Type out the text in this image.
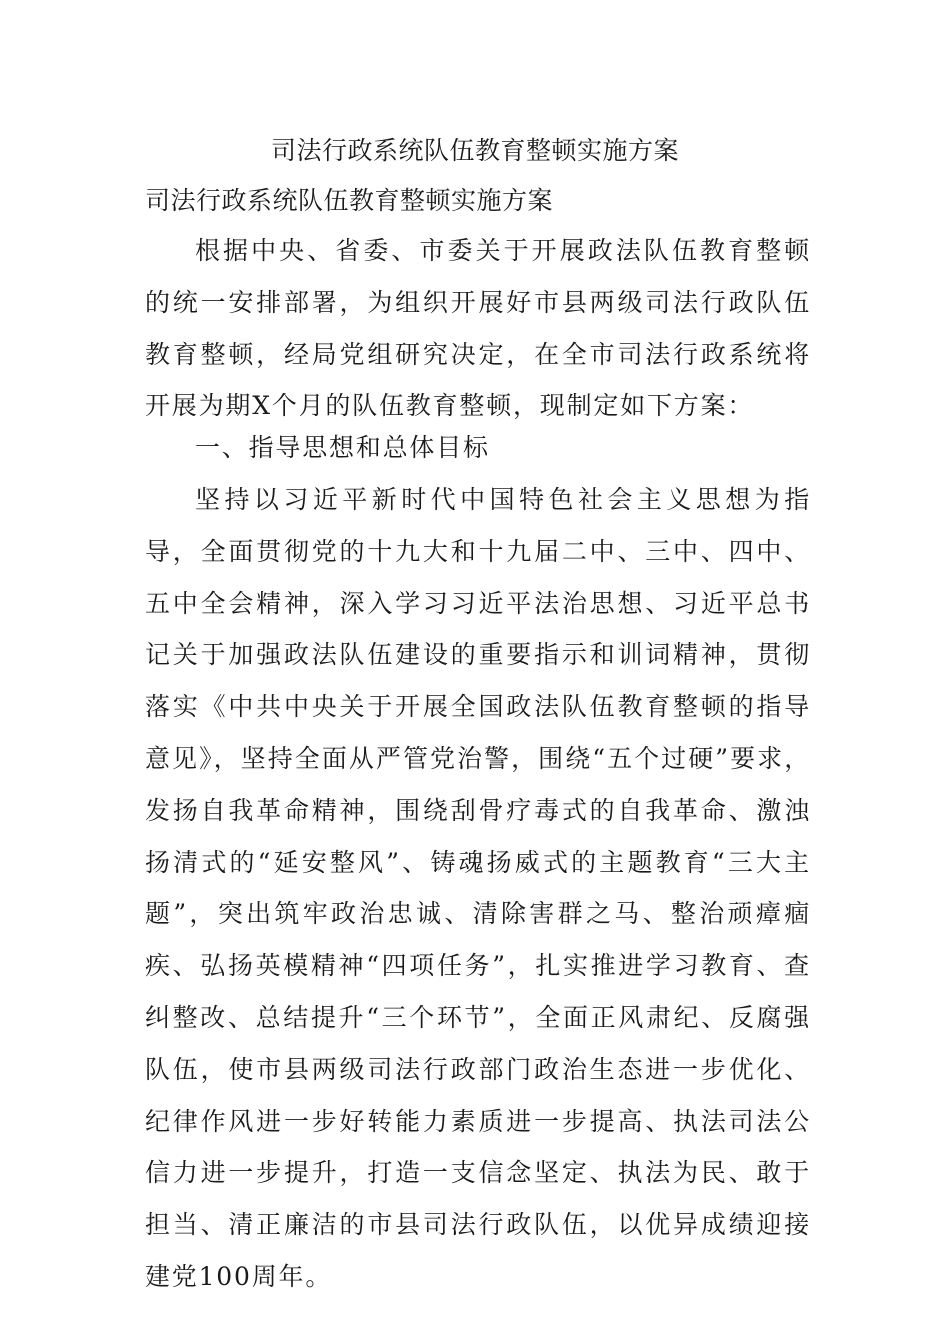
司法行政系统队伍教育整顿实施方案
司法行政系统队伍教育整顿实施方案

根据中央、省委、市委关于开展政法队伍教育整顿的统一安排部署，为组织开展好市县两级司法行政队伍教育整顿，经局党组研究决定，在全市司法行政系统将开展为期X个月的队伍教育整顿，现制定如下方案：

一、指导思想和总体目标

坚持以习近平新时代中国特色社会主义思想为指导，全面贯彻党的十九大和十九届二中、三中、四中、五中全会精神，深入学习习近平法治思想、习近平总书记关于加强政法队伍建设的重要指示和训词精神，贯彻落实《中共中央关于开展全国政法队伍教育整顿的指导意见》，坚持全面从严管党治警，围绕“五个过硬”要求，发扬自我革命精神，围绕刮骨疗毒式的自我革命、激浊扬清式的“延安整风”、铸魂扬威式的主题教育“三大主题”，突出筑牢政治忠诚、清除害群之马、整治顽瘴痼疾、弘扬英模精神“四项任务”，扎实推进学习教育、查纠整改、总结提升“三个环节”，全面正风肃纪、反腐强队伍，使市县两级司法行政部门政治生态进一步优化、纪律作风进一步好转能力素质进一步提高、执法司法公信力进一步提升，打造一支信念坚定、执法为民、敢于担当、清正廉洁的市县司法行政队伍，以优异成绩迎接建党100周年。
